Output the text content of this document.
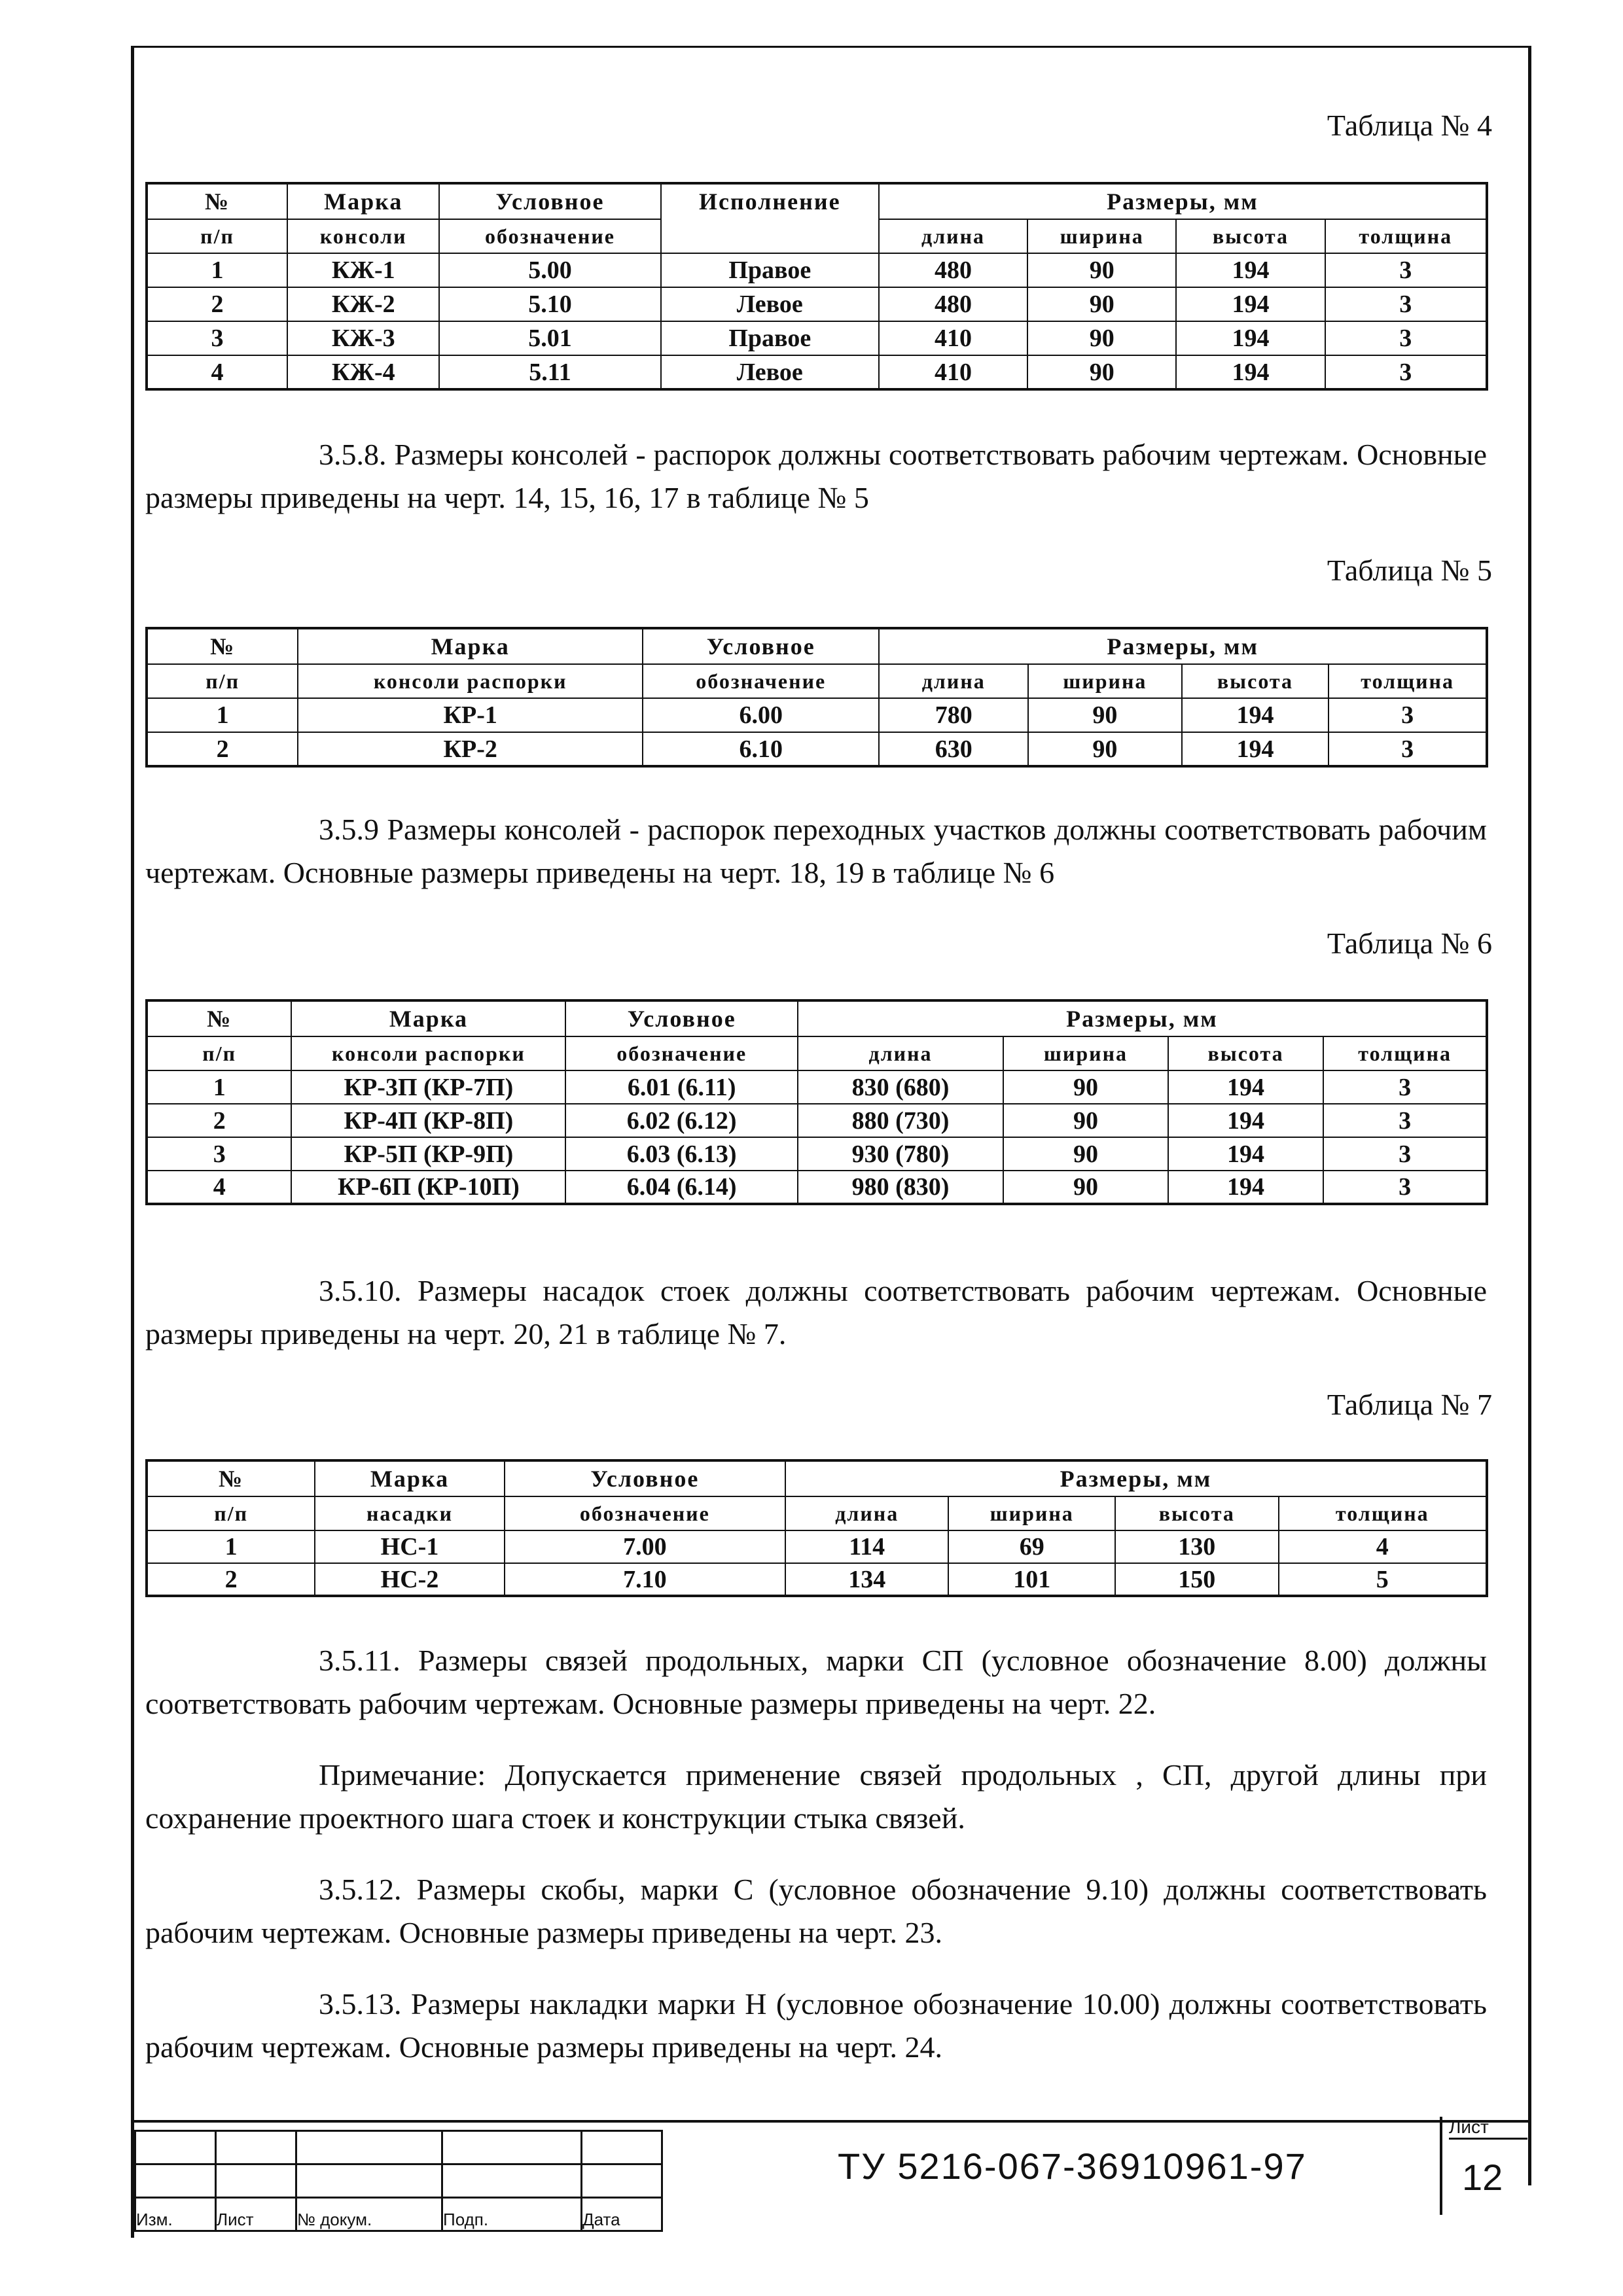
Таблица № 4
№	Марка	Условное	Исполнение	Размеры, мм			
п/п	консоли	обозначение		длина	ширина	высота	толщина
1	КЖ-1	5.00	Правое	480	90	194	3
2	КЖ-2	5.10	Левое	480	90	194	3
3	КЖ-3	5.01	Правое	410	90	194	3
4	КЖ-4	5.11	Левое	410	90	194	3

3.5.8. Размеры консолей - распорок должны соответствовать рабочим чертежам. Основные размеры приведены на черт. 14, 15, 16, 17 в таблице № 5

Таблица № 5
№	Марка	Условное	Размеры, мм			
п/п	консоли распорки	обозначение	длина	ширина	высота	толщина
1	КР-1	6.00	780	90	194	3
2	КР-2	6.10	630	90	194	3

3.5.9 Размеры консолей - распорок переходных участков должны соответствовать рабочим чертежам. Основные размеры приведены на черт. 18, 19 в таблице № 6

Таблица № 6
№	Марка	Условное	Размеры, мм			
п/п	консоли распорки	обозначение	длина	ширина	высота	толщина
1	КР-3П (КР-7П)	6.01 (6.11)	830 (680)	90	194	3
2	КР-4П (КР-8П)	6.02 (6.12)	880 (730)	90	194	3
3	КР-5П (КР-9П)	6.03 (6.13)	930 (780)	90	194	3
4	КР-6П (КР-10П)	6.04 (6.14)	980 (830)	90	194	3

3.5.10. Размеры насадок стоек должны соответствовать рабочим чертежам. Основные размеры приведены на черт. 20, 21 в таблице № 7.

Таблица № 7
№	Марка	Условное	Размеры, мм			
п/п	насадки	обозначение	длина	ширина	высота	толщина
1	НС-1	7.00	114	69	130	4
2	НС-2	7.10	134	101	150	5

3.5.11. Размеры связей продольных, марки СП (условное обозначение 8.00) должны соответствовать рабочим чертежам. Основные размеры приведены на черт. 22.

Примечание: Допускается применение связей продольных , СП, другой длины при сохранение проектного шага стоек и конструкции стыка связей.

3.5.12. Размеры скобы, марки С (условное обозначение 9.10) должны соответствовать рабочим чертежам. Основные размеры приведены на черт. 23.

3.5.13. Размеры накладки марки Н (условное обозначение 10.00) должны соответствовать рабочим чертежам. Основные размеры приведены на черт. 24.

Изм.	Лист	№ докум.	Подп.	Дата
ТУ 5216-067-36910961-97
Лист
12
